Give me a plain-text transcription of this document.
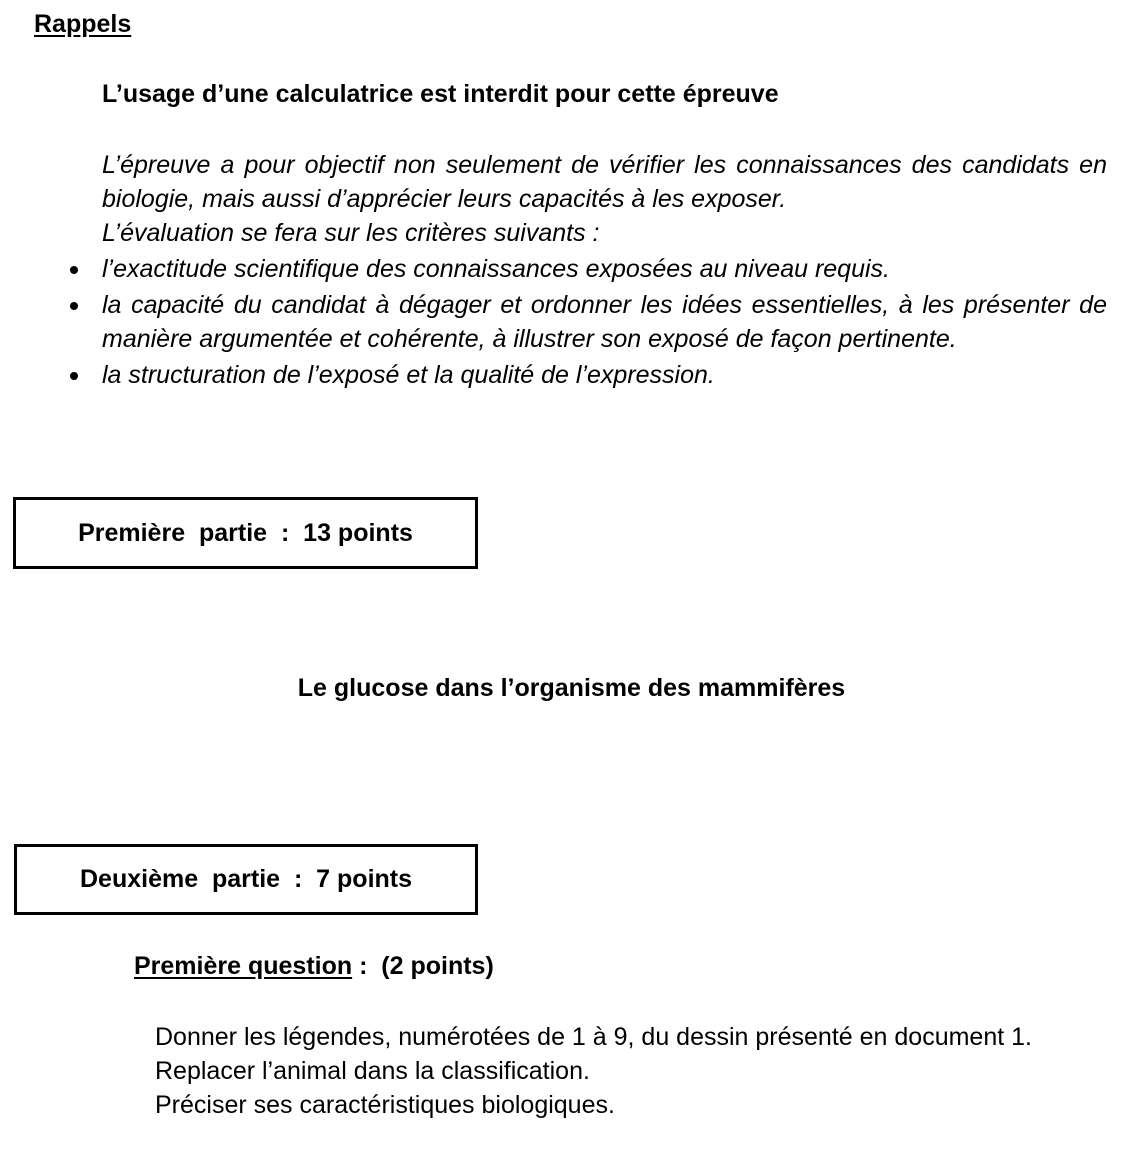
Rappels
L’usage d’une calculatrice est interdit pour cette épreuve

L’épreuve a pour objectif non seulement de vérifier les connaissances des candidats en biologie, mais aussi d’apprécier leurs capacités à les exposer.

L’évaluation se fera sur les critères suivants :

l’exactitude scientifique des connaissances exposées au niveau requis.
la capacité du candidat à dégager et ordonner les idées essentielles, à les présenter de manière argumentée et cohérente, à illustrer son exposé de façon pertinente.
la structuration de l’exposé et la qualité de l’expression.
Première  partie  :  13 points
Le glucose dans l’organisme des mammifères
Deuxième  partie  :  7 points
Première question :  (2 points)

Donner les légendes, numérotées de 1 à 9, du dessin présenté en document 1.

Replacer l’animal dans la classification.

Préciser ses caractéristiques biologiques.
